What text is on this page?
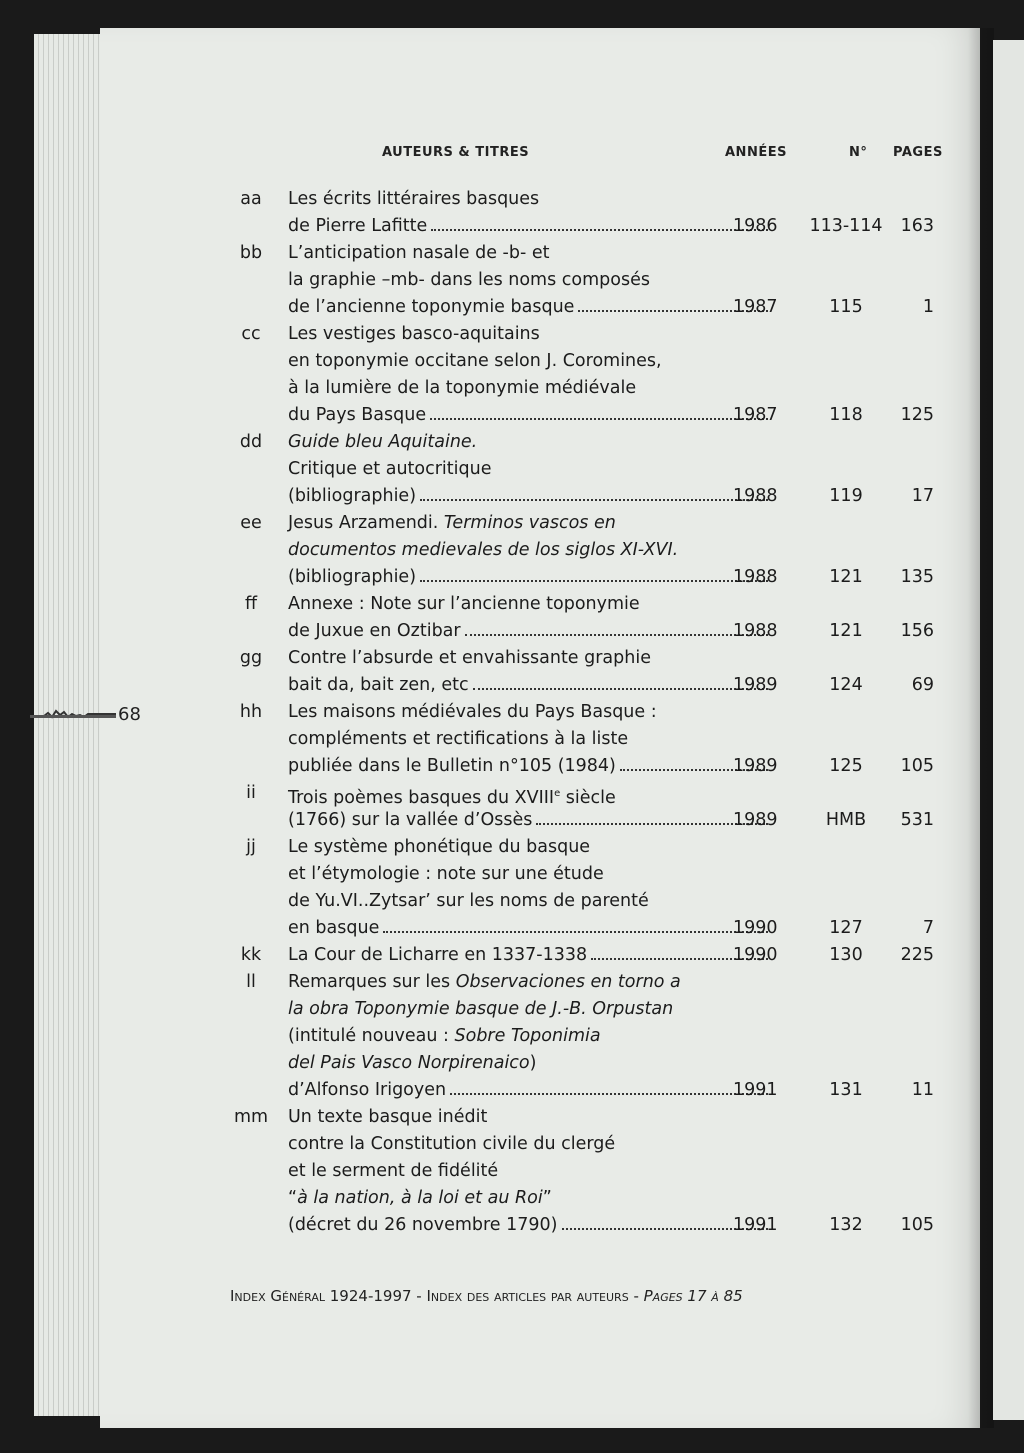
AUTEURS & TITRES	ANNÉES	N° PAGES
aa	Les écrits littéraires basques
de Pierre Lafitte	1986 113-114	163
bb	L’anticipation nasale de -b- et
la graphie –mb- dans les noms composés
de l’ancienne toponymie basque	1987	115	1
cc	Les vestiges basco-aquitains
en toponymie occitane selon J. Coromines,
à la lumière de la toponymie médiévale
du Pays Basque	1987	118	125
dd	Guide bleu Aquitaine.
Critique et autocritique
(bibliographie)	1988	119	17
ee	Jesus Arzamendi. Terminos vascos en
documentos medievales de los siglos XI-XVI.
(bibliographie)	1988	121	135
ff	Annexe : Note sur l’ancienne toponymie
de Juxue en Oztibar	1988	121	156
gg	Contre l’absurde et envahissante graphie
bait da, bait zen, etc	1989	124	69
hh	Les maisons médiévales du Pays Basque :
compléments et rectifications à la liste
publiée dans le Bulletin n°105 (1984)	1989	125	105
ii	Trois poèmes basques du XVIIIe siècle
(1766) sur la vallée d’Ossès	1989	HMB	531
jj	Le système phonétique du basque
et l’étymologie : note sur une étude
de Yu.VI..Zytsar’ sur les noms de parenté
en basque	1990	127	7
kk	La Cour de Licharre en 1337-1338	1990	130	225
ll	Remarques sur les Observaciones en torno a
la obra Toponymie basque de J.-B. Orpustan
(intitulé nouveau : Sobre Toponimia
del Pais Vasco Norpirenaico)
d’Alfonso Irigoyen	1991	131	11
mm	Un texte basque inédit
contre la Constitution civile du clergé
et le serment de fidélité
“à la nation, à la loi et au Roi”
(décret du 26 novembre 1790)	1991	132	105
68
Index Général 1924-1997 - Index des articles par auteurs - Pages 17 à 85
